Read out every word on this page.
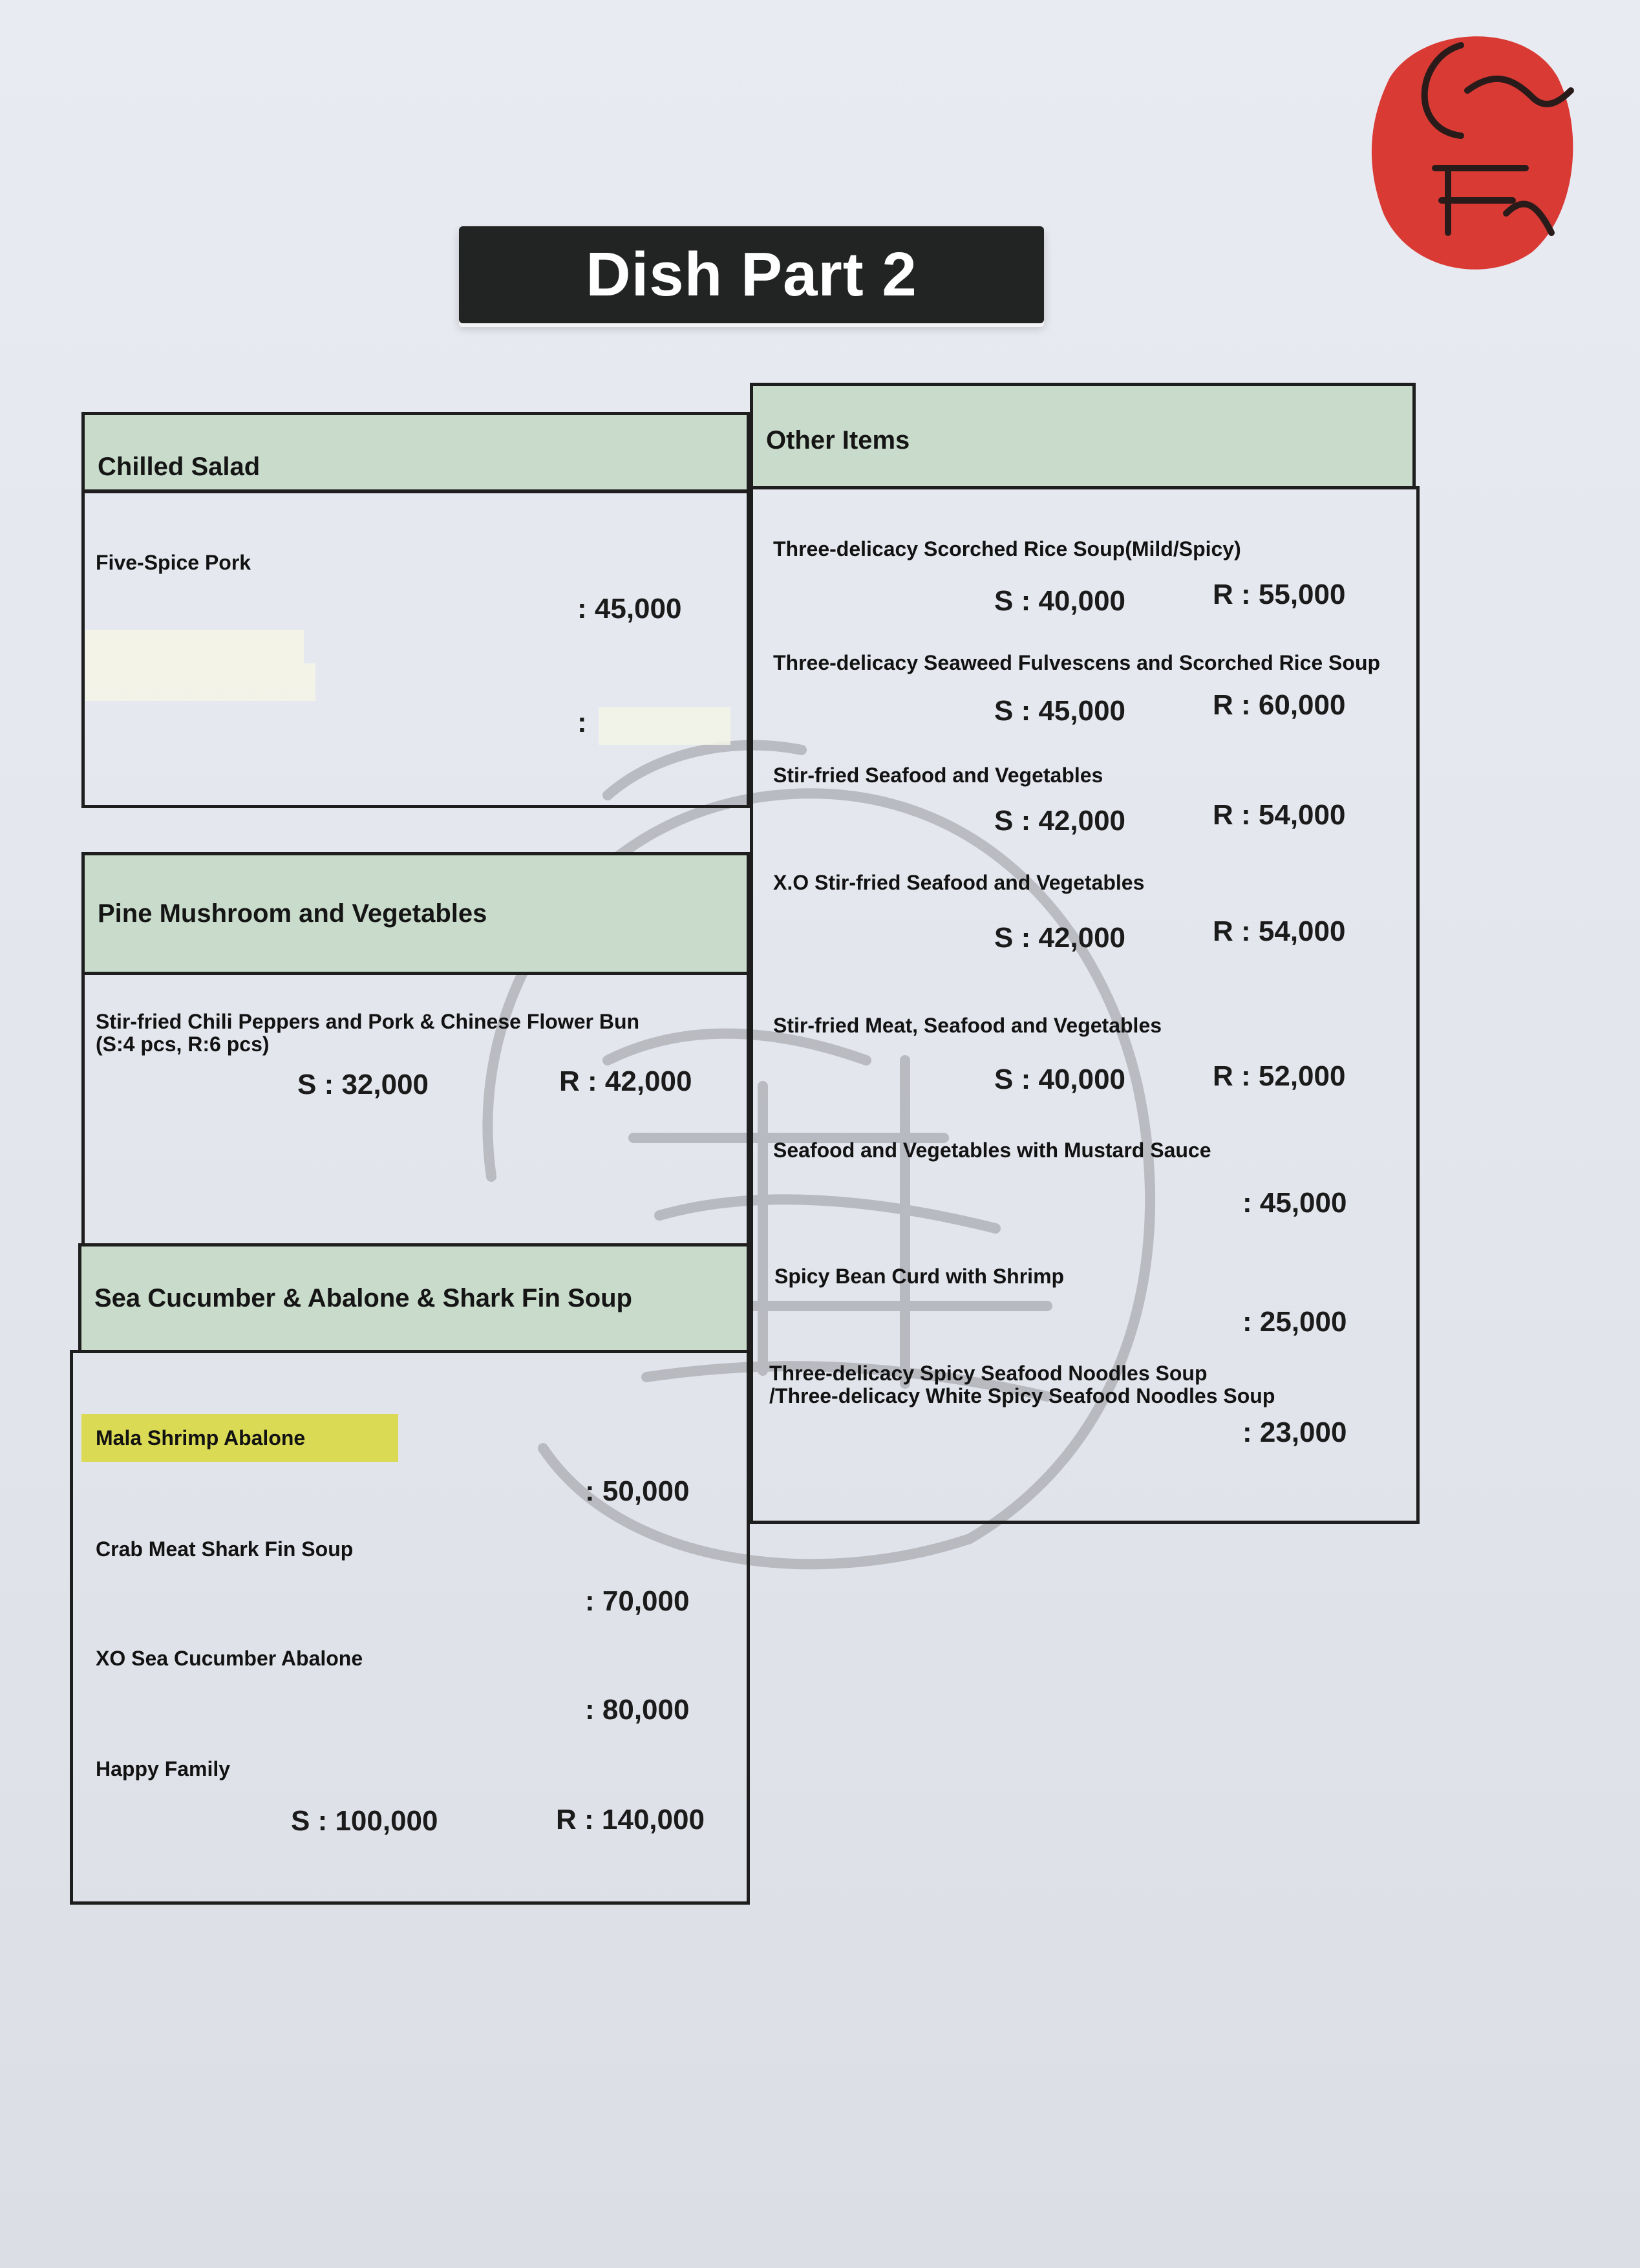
Dish Part 2
Chilled Salad
Five-Spice Pork
: 45,000
:
Pine Mushroom and Vegetables
Stir-fried Chili Peppers and Pork & Chinese Flower Bun
(S:4 pcs, R:6 pcs)
S : 32,000	R : 42,000
Sea Cucumber & Abalone & Shark Fin Soup
Mala Shrimp Abalone
: 50,000
Crab Meat Shark Fin Soup
: 70,000
XO Sea Cucumber Abalone
: 80,000
Happy Family
S : 100,000	R : 140,000
Other Items
Three-delicacy Scorched Rice Soup(Mild/Spicy)
S : 40,000	R : 55,000
Three-delicacy Seaweed Fulvescens and Scorched Rice Soup
S : 45,000	R : 60,000
Stir-fried Seafood and Vegetables
S : 42,000	R : 54,000
X.O Stir-fried Seafood and Vegetables
S : 42,000	R : 54,000
Stir-fried Meat, Seafood and Vegetables
S : 40,000	R : 52,000
Seafood and Vegetables with Mustard Sauce
: 45,000
Spicy Bean Curd with Shrimp
: 25,000
Three-delicacy Spicy Seafood Noodles Soup
/Three-delicacy White Spicy Seafood Noodles Soup
: 23,000
